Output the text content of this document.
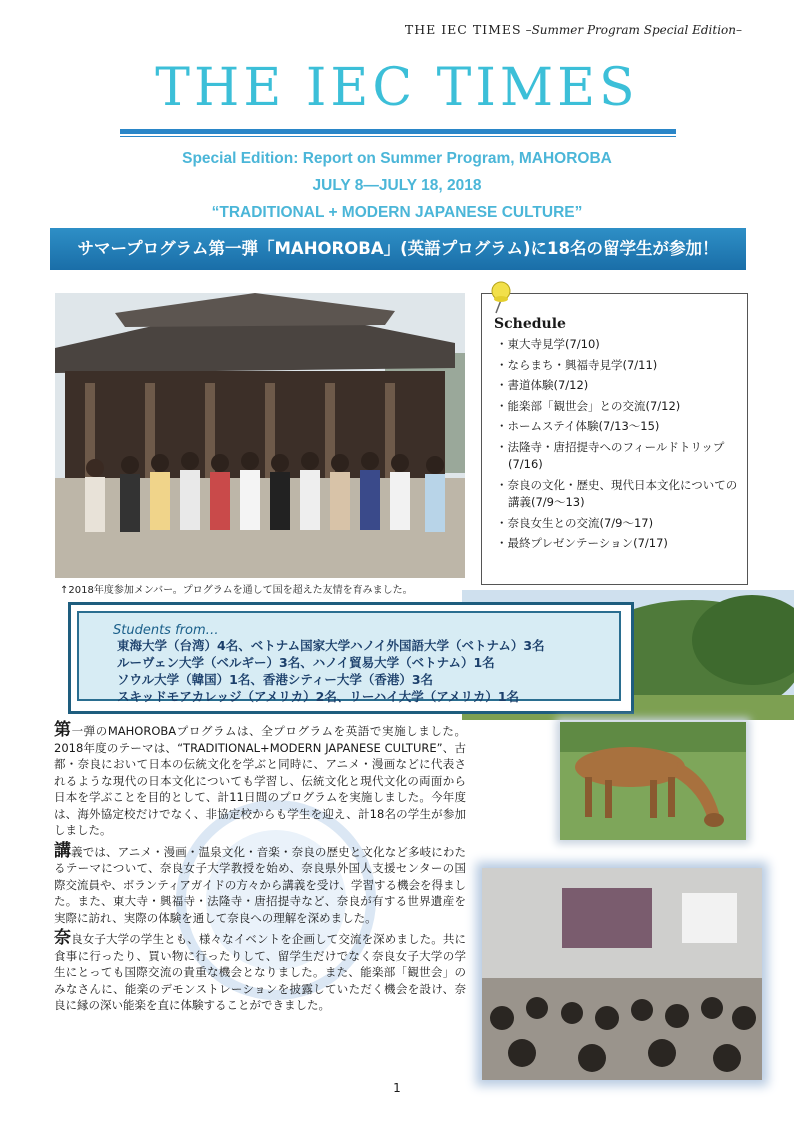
THE IEC TIMES –Summer Program Special Edition–
THE IEC TIMES
Special Edition: Report on Summer Program, MAHOROBA
JULY 8—JULY 18, 2018
“TRADITIONAL + MODERN JAPANESE CULTURE”
サマープログラム第一弾「MAHOROBA」(英語プログラム)に18名の留学生が参加！
↑2018年度参加メンバー。プログラムを通して国を超えた友情を育みました。
Schedule
・東大寺見学(7/10)
・ならまち・興福寺見学(7/11)
・書道体験(7/12)
・能楽部「観世会」との交流(7/12)
・ホームステイ体験(7/13～15)
・法隆寺・唐招提寺へのフィールドトリップ(7/16)
・奈良の文化・歴史、現代日本文化についての講義(7/9～13)
・奈良女生との交流(7/9～17)
・最終プレゼンテーション(7/17)
Students from…
東海大学（台湾）4名、ベトナム国家大学ハノイ外国語大学（ベトナム）3名
ルーヴェン大学（ベルギー）3名、ハノイ貿易大学（ベトナム）1名
ソウル大学（韓国）1名、香港シティー大学（香港）3名
スキッドモアカレッジ（アメリカ）2名、リーハイ大学（アメリカ）1名

第一弾のMAHOROBAプログラムは、全プログラムを英語で実施しました。2018年度のテーマは、“TRADITIONAL+MODERN JAPANESE CULTURE”、古都・奈良において日本の伝統文化を学ぶと同時に、アニメ・漫画などに代表されるような現代の日本文化についても学習し、伝統文化と現代文化の両面から日本を学ぶことを目的として、計11日間のプログラムを実施しました。今年度は、海外協定校だけでなく、非協定校からも学生を迎え、計18名の学生が参加しました。

講義では、アニメ・漫画・温泉文化・音楽・奈良の歴史と文化など多岐にわたるテーマについて、奈良女子大学教授を始め、奈良県外国人支援センターの国際交流員や、ボランティアガイドの方々から講義を受け、学習する機会を得ました。また、東大寺・興福寺・法隆寺・唐招提寺など、奈良が有する世界遺産を実際に訪れ、実際の体験を通して奈良への理解を深めました。

奈良女子大学の学生とも、様々なイベントを企画して交流を深めました。共に食事に行ったり、買い物に行ったりして、留学生だけでなく奈良女子大学の学生にとっても国際交流の貴重な機会となりました。また、能楽部「観世会」のみなさんに、能楽のデモンストレーションを披露していただく機会を設け、奈良に縁の深い能楽を直に体験することができました。

1
